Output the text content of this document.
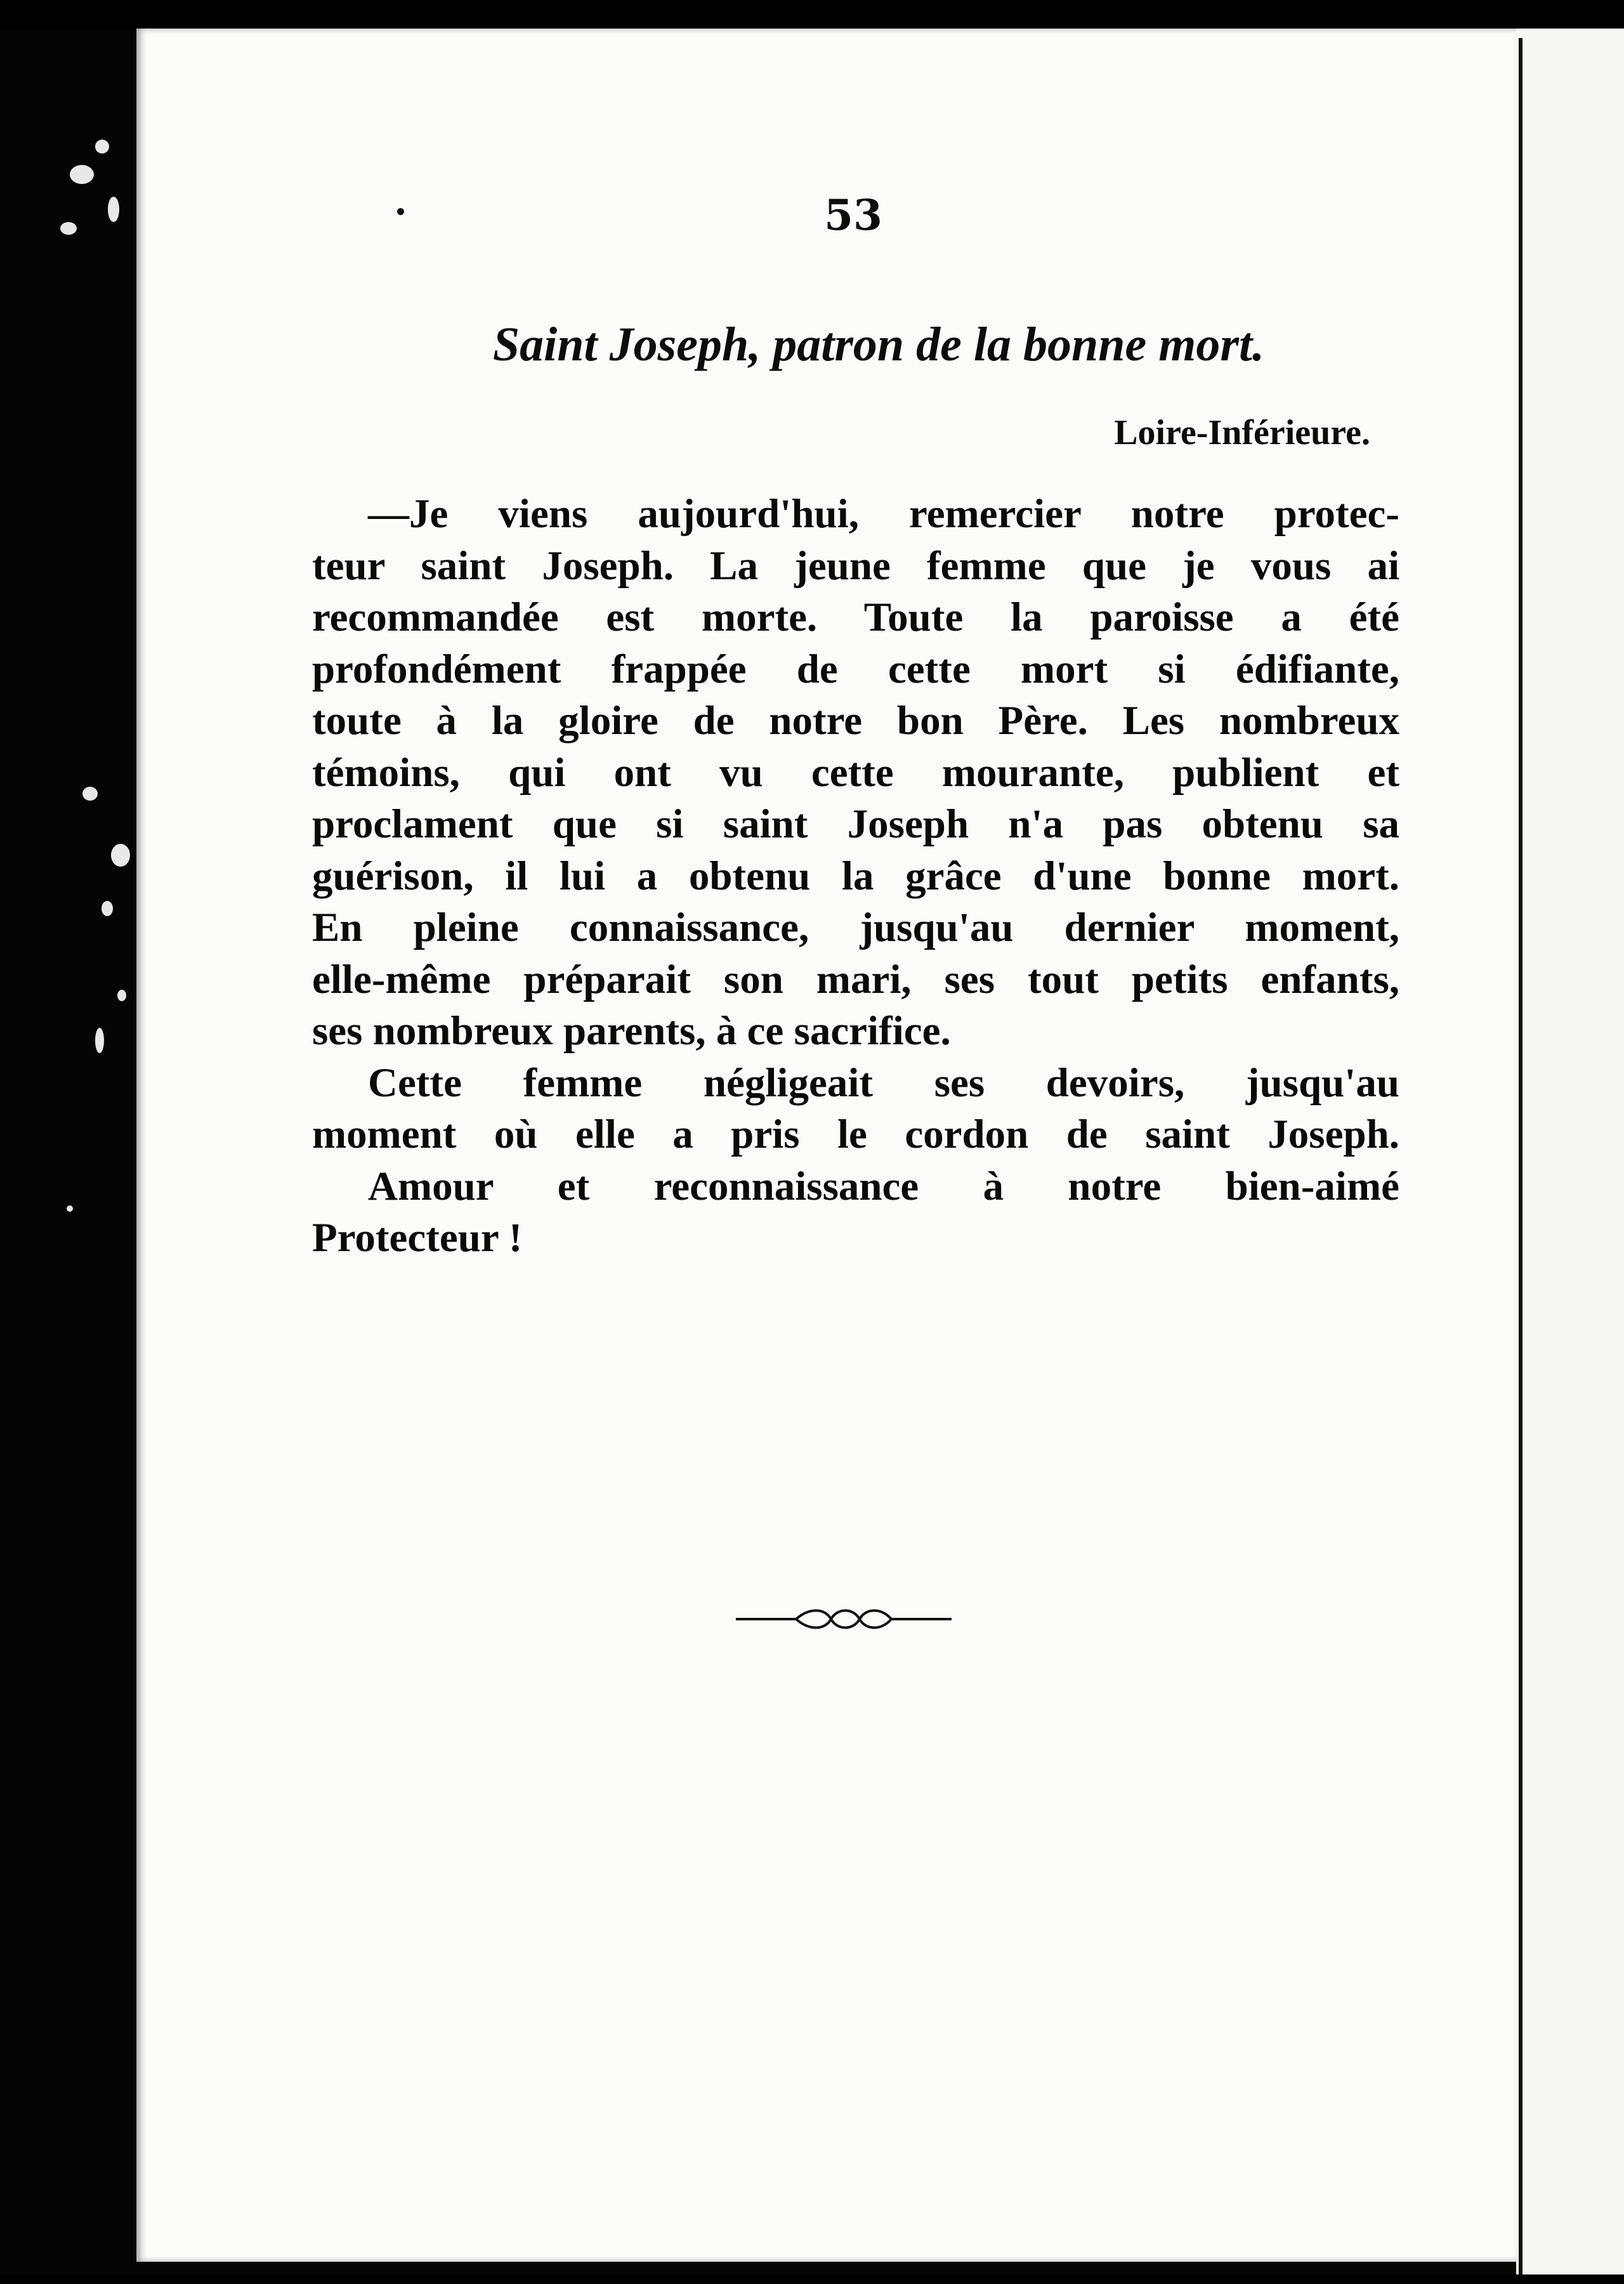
53
Saint Joseph, patron de la bonne mort.
Loire-Inférieure.
—Je viens aujourd'hui, remercier notre protec-
teur saint Joseph. La jeune femme que je vous ai
recommandée est morte. Toute la paroisse a été
profondément frappée de cette mort si édifiante,
toute à la gloire de notre bon Père. Les nombreux
témoins, qui ont vu cette mourante, publient et
proclament que si saint Joseph n'a pas obtenu sa
guérison, il lui a obtenu la grâce d'une bonne mort.
En pleine connaissance, jusqu'au dernier moment,
elle-même préparait son mari, ses tout petits enfants,
ses nombreux parents, à ce sacrifice.
Cette femme négligeait ses devoirs, jusqu'au
moment où elle a pris le cordon de saint Joseph.
Amour et reconnaissance à notre bien-aimé
Protecteur !
